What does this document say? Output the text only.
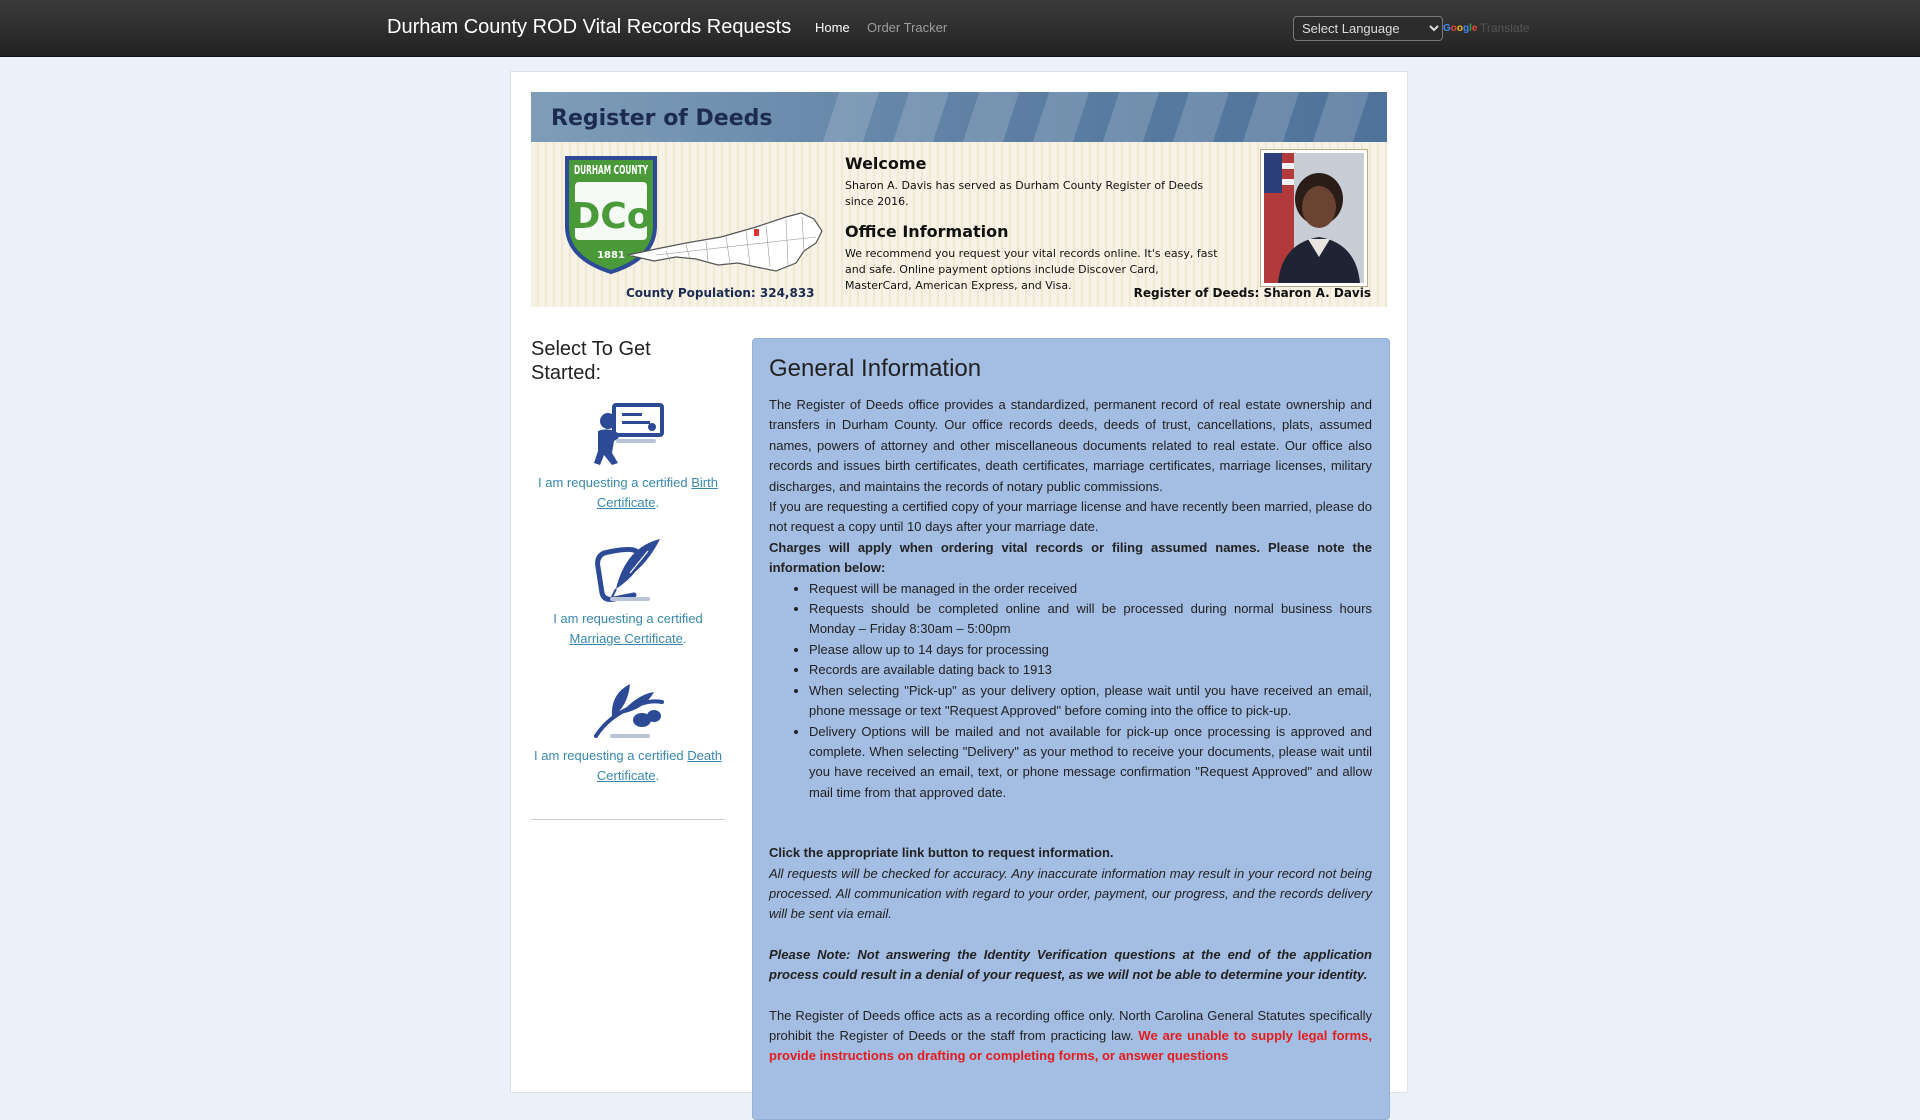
Durham County ROD Vital Records Requests Home Order Tracker
Select Language	Google Translate
Register of Deeds
DURHAM COUNTY
DCo
1881
County Population: 324,833
Welcome
Sharon A. Davis has served as Durham County Register of Deeds since 2016.
Office Information
We recommend you request your vital records online. It's easy, fast and safe. Online payment options include Discover Card, MasterCard, American Express, and Visa.
Register of Deeds: Sharon A. Davis
Select To Get Started:
I am requesting a certified Birth Certificate.
I am requesting a certified Marriage Certificate.
I am requesting a certified Death Certificate.
General Information

The Register of Deeds office provides a standardized, permanent record of real estate ownership and transfers in Durham County. Our office records deeds, deeds of trust, cancellations, plats, assumed names, powers of attorney and other miscellaneous documents related to real estate. Our office also records and issues birth certificates, death certificates, marriage certificates, marriage licenses, military discharges, and maintains the records of notary public commissions.

If you are requesting a certified copy of your marriage license and have recently been married, please do not request a copy until 10 days after your marriage date.

Charges will apply when ordering vital records or filing assumed names. Please note the information below:

• Request will be managed in the order received
• Requests should be completed online and will be processed during normal business hours Monday – Friday 8:30am – 5:00pm
• Please allow up to 14 days for processing
• Records are available dating back to 1913
• When selecting "Pick-up" as your delivery option, please wait until you have received an email, phone message or text "Request Approved" before coming into the office to pick-up.
• Delivery Options will be mailed and not available for pick-up once processing is approved and complete. When selecting "Delivery" as your method to receive your documents, please wait until you have received an email, text, or phone message confirmation "Request Approved" and allow mail time from that approved date.

Click the appropriate link button to request information.

All requests will be checked for accuracy. Any inaccurate information may result in your record not being processed. All communication with regard to your order, payment, our progress, and the records delivery will be sent via email.

Please Note: Not answering the Identity Verification questions at the end of the application process could result in a denial of your request, as we will not be able to determine your identity.

The Register of Deeds office acts as a recording office only. North Carolina General Statutes specifically prohibit the Register of Deeds or the staff from practicing law. We are unable to supply legal forms, provide instructions on drafting or completing forms, or answer questions
